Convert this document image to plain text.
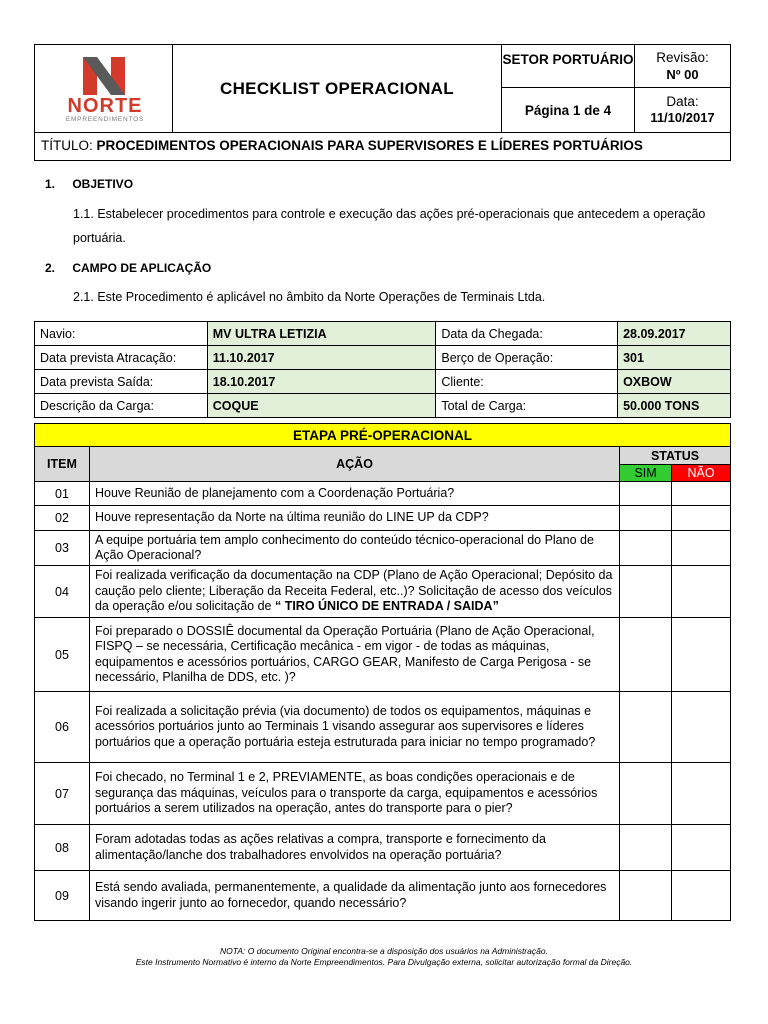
NORTE
EMPREENDIMENTOS
CHECKLIST OPERACIONAL
SETOR PORTUÁRIO
Página 1 de 4
Revisão:
Nº 00
Data:
11/10/2017
TÍTULO: PROCEDIMENTOS OPERACIONAIS PARA SUPERVISORES E LÍDERES PORTUÁRIOS
1. OBJETIVO
1.1. Estabelecer procedimentos para controle e execução das ações pré-operacionais que antecedem a operação portuária.
2. CAMPO DE APLICAÇÃO
2.1. Este Procedimento é aplicável no âmbito da Norte Operações de Terminais Ltda.
Navio:	MV ULTRA LETIZIA	Data da Chegada:	28.09.2017
Data prevista Atracação:	11.10.2017	Berço de Operação:	301
Data prevista Saída:	18.10.2017	Cliente:	OXBOW
Descrição da Carga:	COQUE	Total de Carga:	50.000 TONS
ETAPA PRÉ-OPERACIONAL			
ITEM	AÇÃO	STATUS	
		SIM	NÃO
01	Houve Reunião de planejamento com a Coordenação Portuária?		
02	Houve representação da Norte na última reunião do LINE UP da CDP?		
03	A equipe portuária tem amplo conhecimento do conteúdo técnico-operacional do Plano de Ação Operacional?		
04	Foi realizada verificação da documentação na CDP (Plano de Ação Operacional; Depósito da caução pelo cliente; Liberação da Receita Federal, etc..)? Solicitação de acesso dos veículos da operação e/ou solicitação de “ TIRO ÚNICO DE ENTRADA / SAIDA”		
05	Foi preparado o DOSSIÊ documental da Operação Portuária (Plano de Ação Operacional, FISPQ – se necessária, Certificação mecânica - em vigor - de todas as máquinas, equipamentos e acessórios portuários, CARGO GEAR, Manifesto de Carga Perigosa - se necessário, Planilha de DDS, etc. )?		
06	Foi realizada a solicitação prévia (via documento) de todos os equipamentos, máquinas e acessórios portuários junto ao Terminais 1 visando assegurar aos supervisores e líderes portuários que a operação portuária esteja estruturada para iniciar no tempo programado?		
07	Foi checado, no Terminal 1 e 2, PREVIAMENTE, as boas condições operacionais e de segurança das máquinas, veículos para o transporte da carga, equipamentos e acessórios portuários a serem utilizados na operação, antes do transporte para o pier?		
08	Foram adotadas todas as ações relativas a compra, transporte e fornecimento da alimentação/lanche dos trabalhadores envolvidos na operação portuária?		
09	Está sendo avaliada, permanentemente, a qualidade da alimentação junto aos fornecedores visando ingerir junto ao fornecedor, quando necessário?		
NOTA: O documento Original encontra-se a disposição dos usuários na Administração.
Este Instrumento Normativo é interno da Norte Empreendimentos. Para Divulgação externa, solicitar autorização formal da Direção.
